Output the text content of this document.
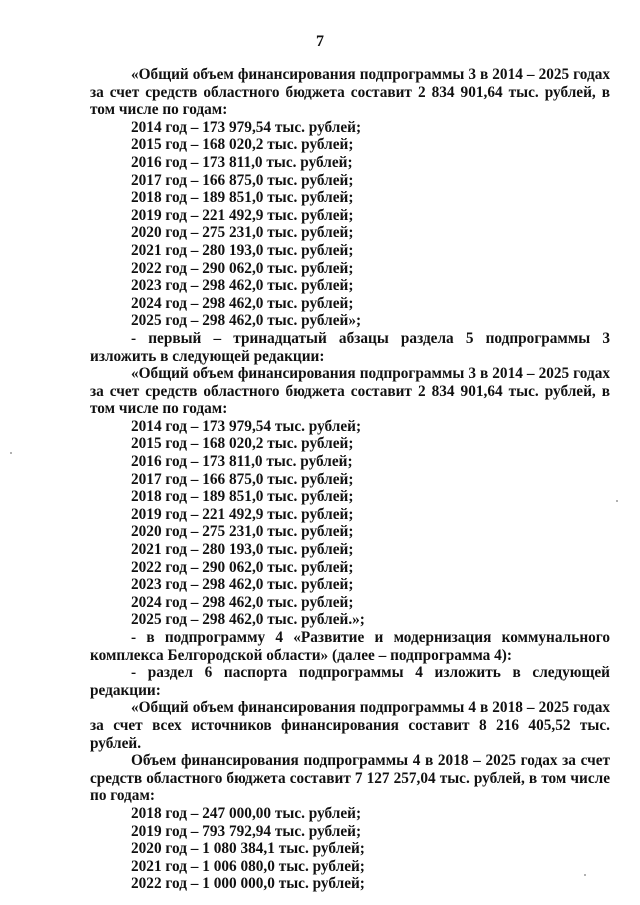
7

«Общий объем финансирования подпрограммы 3 в 2014 – 2025 годах за счет средств областного бюджета составит 2 834 901,64 тыс. рублей, в том числе по годам:

2014 год – 173 979,54 тыс. рублей;

2015 год – 168 020,2 тыс. рублей;

2016 год – 173 811,0 тыс. рублей;

2017 год – 166 875,0 тыс. рублей;

2018 год – 189 851,0 тыс. рублей;

2019 год – 221 492,9 тыс. рублей;

2020 год – 275 231,0 тыс. рублей;

2021 год – 280 193,0 тыс. рублей;

2022 год – 290 062,0 тыс. рублей;

2023 год – 298 462,0 тыс. рублей;

2024 год – 298 462,0 тыс. рублей;

2025 год – 298 462,0 тыс. рублей»;

- первый – тринадцатый абзацы раздела 5 подпрограммы 3 изложить в следующей редакции:

«Общий объем финансирования подпрограммы 3 в 2014 – 2025 годах за счет средств областного бюджета составит 2 834 901,64 тыс. рублей, в том числе по годам:

2014 год – 173 979,54 тыс. рублей;

2015 год – 168 020,2 тыс. рублей;

2016 год – 173 811,0 тыс. рублей;

2017 год – 166 875,0 тыс. рублей;

2018 год – 189 851,0 тыс. рублей;

2019 год – 221 492,9 тыс. рублей;

2020 год – 275 231,0 тыс. рублей;

2021 год – 280 193,0 тыс. рублей;

2022 год – 290 062,0 тыс. рублей;

2023 год – 298 462,0 тыс. рублей;

2024 год – 298 462,0 тыс. рублей;

2025 год – 298 462,0 тыс. рублей.»;

- в подпрограмму 4 «Развитие и модернизация коммунального комплекса Белгородской области» (далее – подпрограмма 4):

- раздел 6 паспорта подпрограммы 4 изложить в следующей редакции:

«Общий объем финансирования подпрограммы 4 в 2018 – 2025 годах за счет всех источников финансирования составит 8 216 405,52 тыс. рублей.

Объем финансирования подпрограммы 4 в 2018 – 2025 годах за счет средств областного бюджета составит 7 127 257,04 тыс. рублей, в том числе по годам:

2018 год – 247 000,00 тыс. рублей;

2019 год – 793 792,94 тыс. рублей;

2020 год – 1 080 384,1 тыс. рублей;

2021 год – 1 006 080,0 тыс. рублей;

2022 год – 1 000 000,0 тыс. рублей;
